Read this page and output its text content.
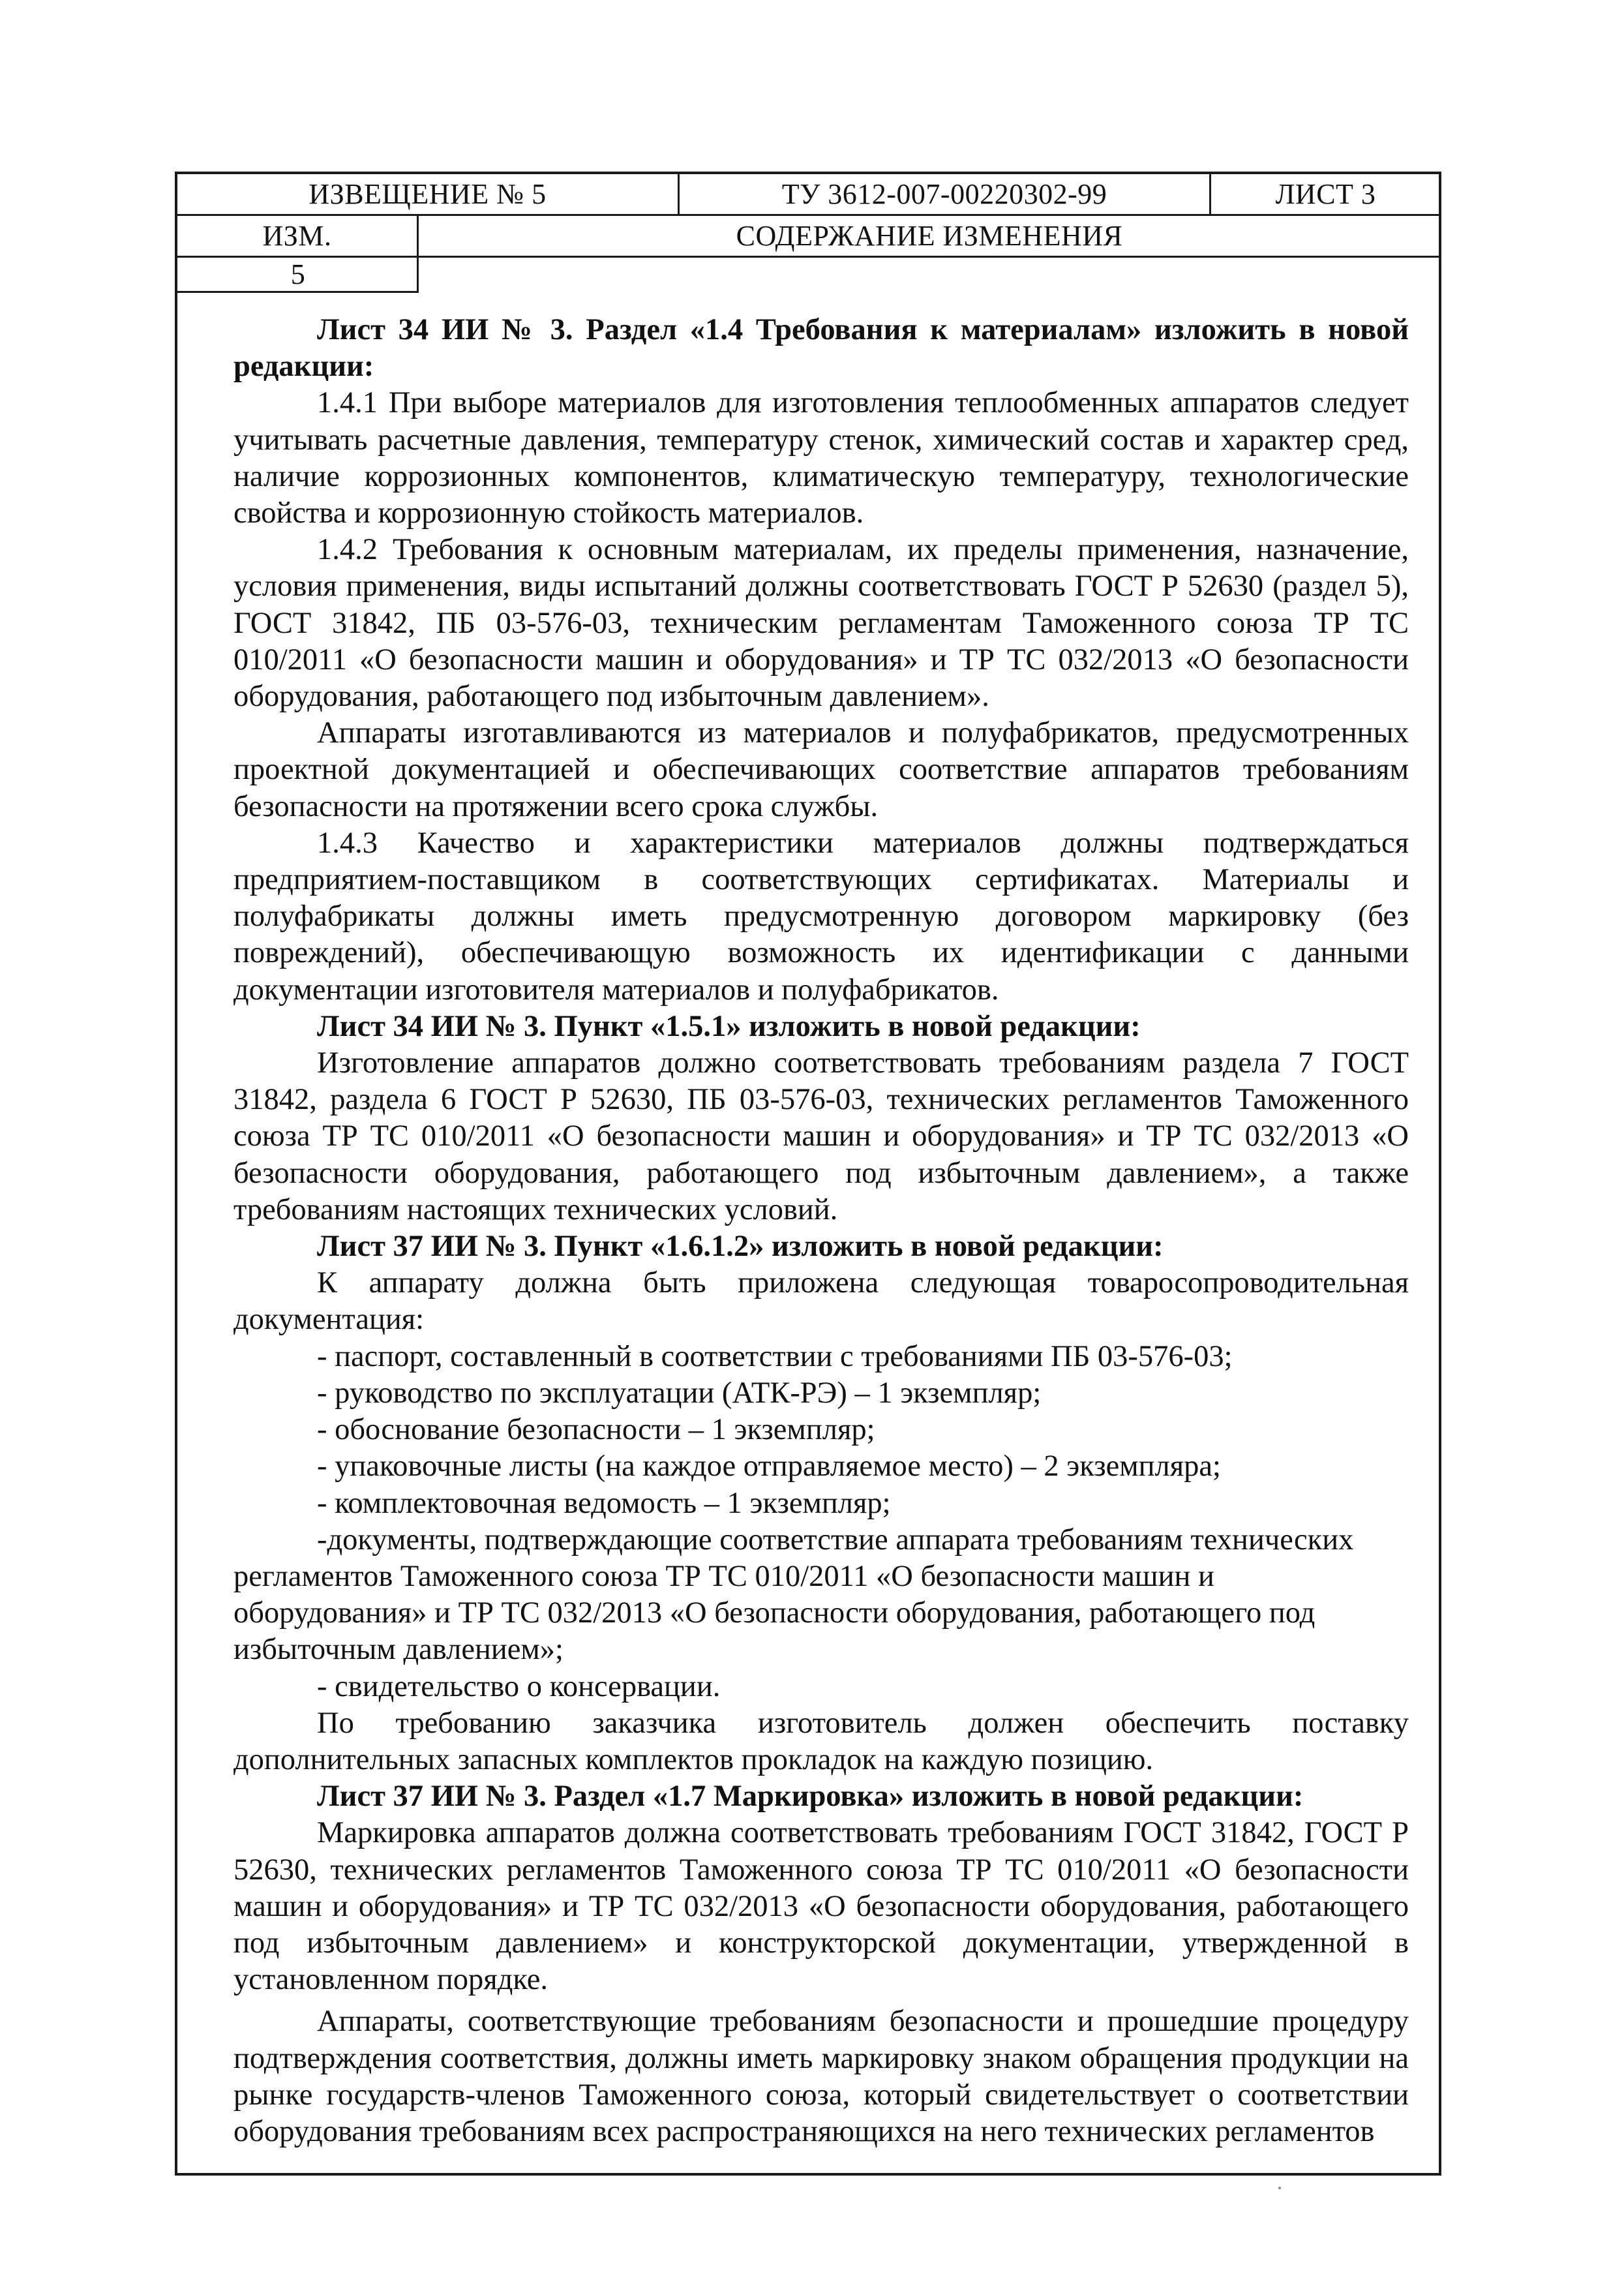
ИЗВЕЩЕНИЕ № 5	ТУ 3612-007-00220302-99	ЛИСТ 3
ИЗМ.	СОДЕРЖАНИЕ ИЗМЕНЕНИЯ
5

Лист 34 ИИ № 3. Раздел «1.4 Требования к материалам» изложить в новой редакции:

1.4.1 При выборе материалов для изготовления теплообменных аппаратов следует учитывать расчетные давления, температуру стенок, химический состав и характер сред, наличие коррозионных компонентов, климатическую температуру, технологические свойства и коррозионную стойкость материалов.

1.4.2 Требования к основным материалам, их пределы применения, назначение, условия применения, виды испытаний должны соответствовать ГОСТ Р 52630 (раздел 5), ГОСТ 31842, ПБ 03-576-03, техническим регламентам Таможенного союза ТР ТС 010/2011 «О безопасности машин и оборудования» и ТР ТС 032/2013 «О безопасности оборудования, работающего под избыточным давлением».

Аппараты изготавливаются из материалов и полуфабрикатов, предусмотренных проектной документацией и обеспечивающих соответствие аппаратов требованиям безопасности на протяжении всего срока службы.

1.4.3 Качество и характеристики материалов должны подтверждаться предприятием-поставщиком в соответствующих сертификатах. Материалы и полуфабрикаты должны иметь предусмотренную договором маркировку (без повреждений), обеспечивающую возможность их идентификации с данными документации изготовителя материалов и полуфабрикатов.

Лист 34 ИИ № 3. Пункт «1.5.1» изложить в новой редакции:

Изготовление аппаратов должно соответствовать требованиям раздела 7 ГОСТ 31842, раздела 6 ГОСТ Р 52630, ПБ 03-576-03, технических регламентов Таможенного союза ТР ТС 010/2011 «О безопасности машин и оборудования» и ТР ТС 032/2013 «О безопасности оборудования, работающего под избыточным давлением», а также требованиям настоящих технических условий.

Лист 37 ИИ № 3. Пункт «1.6.1.2» изложить в новой редакции:

К аппарату должна быть приложена следующая товаросопроводительная документация:

- паспорт, составленный в соответствии с требованиями ПБ 03-576-03;

- руководство по эксплуатации (АТК-РЭ) – 1 экземпляр;

- обоснование безопасности – 1 экземпляр;

- упаковочные листы (на каждое отправляемое место) – 2 экземпляра;

- комплектовочная ведомость – 1 экземпляр;

-документы, подтверждающие соответствие аппарата требованиям технических регламентов Таможенного союза ТР ТС 010/2011 «О безопасности машин и оборудования» и ТР ТС 032/2013 «О безопасности оборудования, работающего под избыточным давлением»;

- свидетельство о консервации.

По требованию заказчика изготовитель должен обеспечить поставку дополнительных запасных комплектов прокладок на каждую позицию.

Лист 37 ИИ № 3. Раздел «1.7 Маркировка» изложить в новой редакции:

Маркировка аппаратов должна соответствовать требованиям ГОСТ 31842, ГОСТ Р 52630, технических регламентов Таможенного союза ТР ТС 010/2011 «О безопасности машин и оборудования» и ТР ТС 032/2013 «О безопасности оборудования, работающего под избыточным давлением» и конструкторской документации, утвержденной в установленном порядке.

Аппараты, соответствующие требованиям безопасности и прошедшие процедуру подтверждения соответствия, должны иметь маркировку знаком обращения продукции на рынке государств-членов Таможенного союза, который свидетельствует о соответствии оборудования требованиям всех распространяющихся на него технических регламентов
